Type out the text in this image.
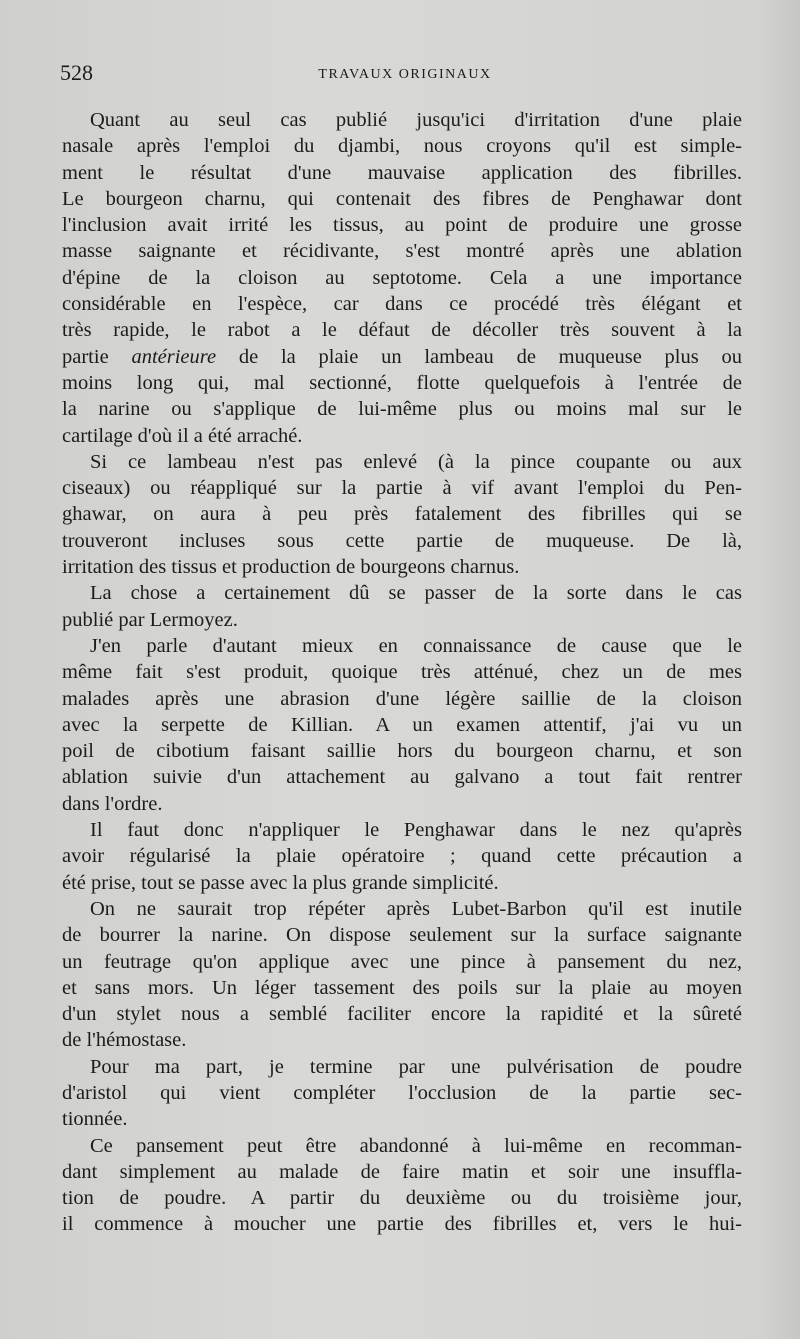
528	TRAVAUX ORIGINAUX
Quant au seul cas publié jusqu'ici d'irritation d'une plaie
nasale après l'emploi du djambi, nous croyons qu'il est simple-
ment le résultat d'une mauvaise application des fibrilles.
Le bourgeon charnu, qui contenait des fibres de Penghawar dont
l'inclusion avait irrité les tissus, au point de produire une grosse
masse saignante et récidivante, s'est montré après une ablation
d'épine de la cloison au septotome. Cela a une importance
considérable en l'espèce, car dans ce procédé très élégant et
très rapide, le rabot a le défaut de décoller très souvent à la
partie antérieure de la plaie un lambeau de muqueuse plus ou
moins long qui, mal sectionné, flotte quelquefois à l'entrée de
la narine ou s'applique de lui-même plus ou moins mal sur le
cartilage d'où il a été arraché.
Si ce lambeau n'est pas enlevé (à la pince coupante ou aux
ciseaux) ou réappliqué sur la partie à vif avant l'emploi du Pen-
ghawar, on aura à peu près fatalement des fibrilles qui se
trouveront incluses sous cette partie de muqueuse. De là,
irritation des tissus et production de bourgeons charnus.
La chose a certainement dû se passer de la sorte dans le cas
publié par Lermoyez.
J'en parle d'autant mieux en connaissance de cause que le
même fait s'est produit, quoique très atténué, chez un de mes
malades après une abrasion d'une légère saillie de la cloison
avec la serpette de Killian. A un examen attentif, j'ai vu un
poil de cibotium faisant saillie hors du bourgeon charnu, et son
ablation suivie d'un attachement au galvano a tout fait rentrer
dans l'ordre.
Il faut donc n'appliquer le Penghawar dans le nez qu'après
avoir régularisé la plaie opératoire ; quand cette précaution a
été prise, tout se passe avec la plus grande simplicité.
On ne saurait trop répéter après Lubet-Barbon qu'il est inutile
de bourrer la narine. On dispose seulement sur la surface saignante
un feutrage qu'on applique avec une pince à pansement du nez,
et sans mors. Un léger tassement des poils sur la plaie au moyen
d'un stylet nous a semblé faciliter encore la rapidité et la sûreté
de l'hémostase.
Pour ma part, je termine par une pulvérisation de poudre
d'aristol qui vient compléter l'occlusion de la partie sec-
tionnée.
Ce pansement peut être abandonné à lui-même en recomman-
dant simplement au malade de faire matin et soir une insuffla-
tion de poudre. A partir du deuxième ou du troisième jour,
il commence à moucher une partie des fibrilles et, vers le hui-
